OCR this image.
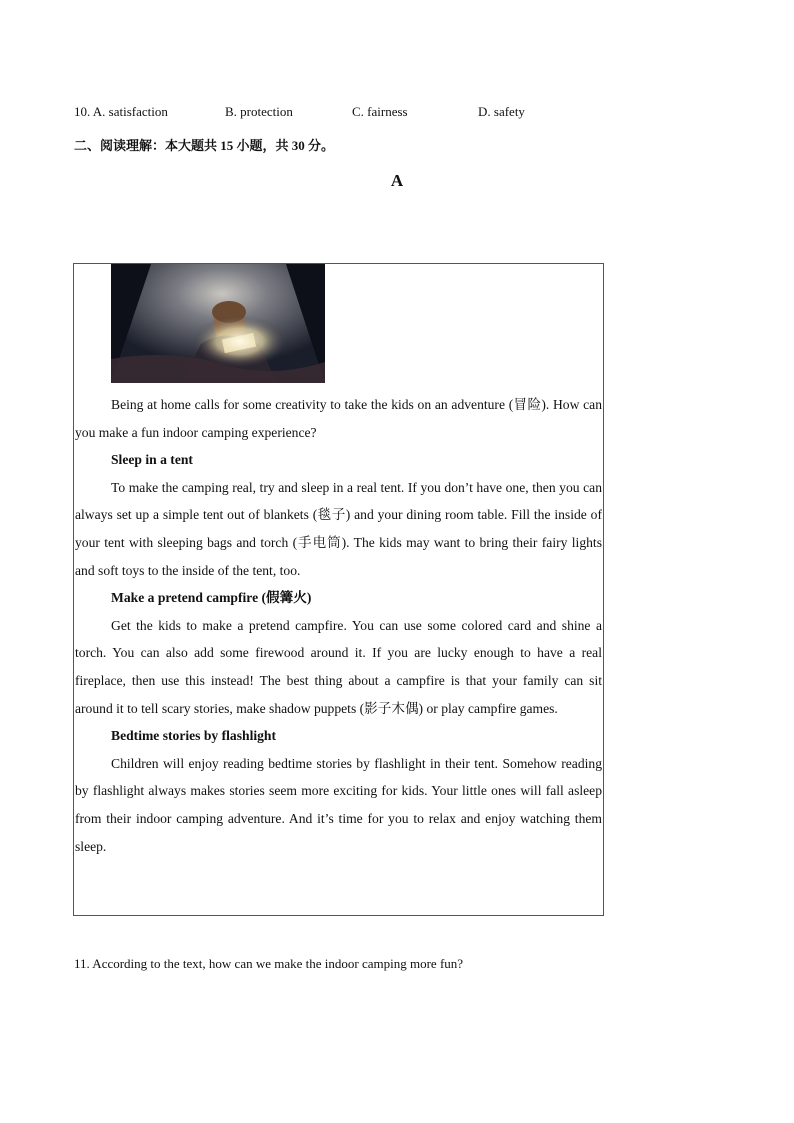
10. A. satisfaction	B. protection	C. fairness	D. safety
二、阅读理解：本大题共 15 小题，共 30 分。
A

Being at home calls for some creativity to take the kids on an adventure (冒险). How can you make a fun indoor camping experience?

Sleep in a tent

To make the camping real, try and sleep in a real tent. If you don’t have one, then you can always set up a simple tent out of blankets (毯子) and your dining room table. Fill the inside of your tent with sleeping bags and torch (手电筒). The kids may want to bring their fairy lights and soft toys to the inside of the tent, too.

Make a pretend campfire (假篝火)

Get the kids to make a pretend campfire. You can use some colored card and shine a torch. You can also add some firewood around it. If you are lucky enough to have a real fireplace, then use this instead! The best thing about a campfire is that your family can sit around it to tell scary stories, make shadow puppets (影子木偶) or play campfire games.

Bedtime stories by flashlight

Children will enjoy reading bedtime stories by flashlight in their tent. Somehow reading by flashlight always makes stories seem more exciting for kids. Your little ones will fall asleep from their indoor camping adventure. And it’s time for you to relax and enjoy watching them sleep.

11. According to the text, how can we make the indoor camping more fun?
